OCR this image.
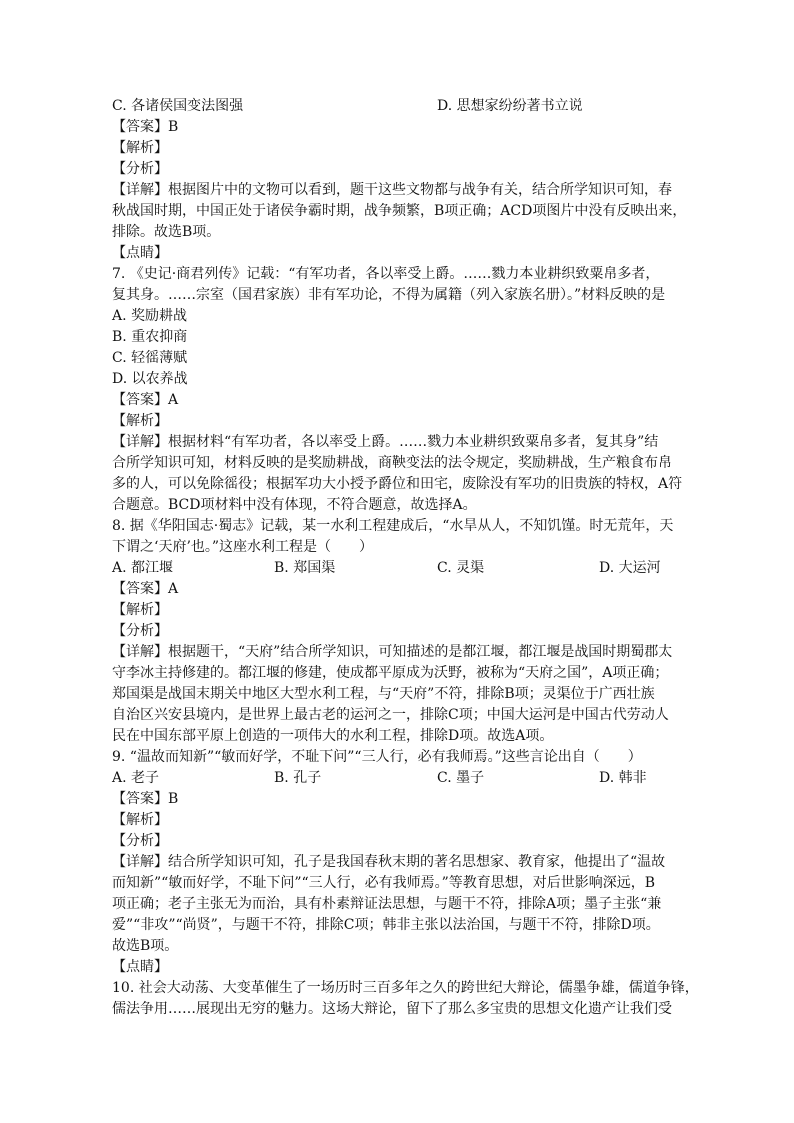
C. 各诸侯国变法图强	D. 思想家纷纷著书立说
【答案】B
【解析】
【分析】
【详解】根据图片中的文物可以看到，题干这些文物都与战争有关，结合所学知识可知，春
秋战国时期，中国正处于诸侯争霸时期，战争频繁，B项正确；ACD项图片中没有反映出来，
排除。故选B项。
【点睛】
7. 《史记·商君列传》记载：“有军功者，各以率受上爵。……戮力本业耕织致粟帛多者，
复其身。……宗室（国君家族）非有军功论，不得为属籍（列入家族名册）。”材料反映的是
A. 奖励耕战
B. 重农抑商
C. 轻徭薄赋
D. 以农养战
【答案】A
【解析】
【详解】根据材料“有军功者，各以率受上爵。……戮力本业耕织致粟帛多者，复其身”结
合所学知识可知，材料反映的是奖励耕战，商鞅变法的法令规定，奖励耕战，生产粮食布帛
多的人，可以免除徭役；根据军功大小授予爵位和田宅，废除没有军功的旧贵族的特权，A符
合题意。BCD项材料中没有体现，不符合题意，故选择A。
8. 据《华阳国志·蜀志》记载，某一水利工程建成后，“水旱从人，不知饥馑。时无荒年，天
下谓之‘天府’也。”这座水利工程是（　　）
A. 都江堰	B. 郑国渠	C. 灵渠	D. 大运河
【答案】A
【解析】
【分析】
【详解】根据题干，“天府”结合所学知识，可知描述的是都江堰，都江堰是战国时期蜀郡太
守李冰主持修建的。都江堰的修建，使成都平原成为沃野，被称为“天府之国”，A项正确；
郑国渠是战国末期关中地区大型水利工程，与“天府”不符，排除B项；灵渠位于广西壮族
自治区兴安县境内，是世界上最古老的运河之一，排除C项；中国大运河是中国古代劳动人
民在中国东部平原上创造的一项伟大的水利工程，排除D项。故选A项。
9. “温故而知新”“敏而好学，不耻下问”“三人行，必有我师焉。”这些言论出自（　　）
A. 老子	B. 孔子	C. 墨子	D. 韩非
【答案】B
【解析】
【分析】
【详解】结合所学知识可知，孔子是我国春秋末期的著名思想家、教育家，他提出了“温故
而知新”“敏而好学，不耻下问”“三人行，必有我师焉。”等教育思想，对后世影响深远，B
项正确；老子主张无为而治，具有朴素辩证法思想，与题干不符，排除A项；墨子主张“兼
爱”“非攻”“尚贤”，与题干不符，排除C项；韩非主张以法治国，与题干不符，排除D项。
故选B项。
【点睛】
10. 社会大动荡、大变革催生了一场历时三百多年之久的跨世纪大辩论，儒墨争雄，儒道争锋，
儒法争用……展现出无穷的魅力。这场大辩论，留下了那么多宝贵的思想文化遗产让我们受
